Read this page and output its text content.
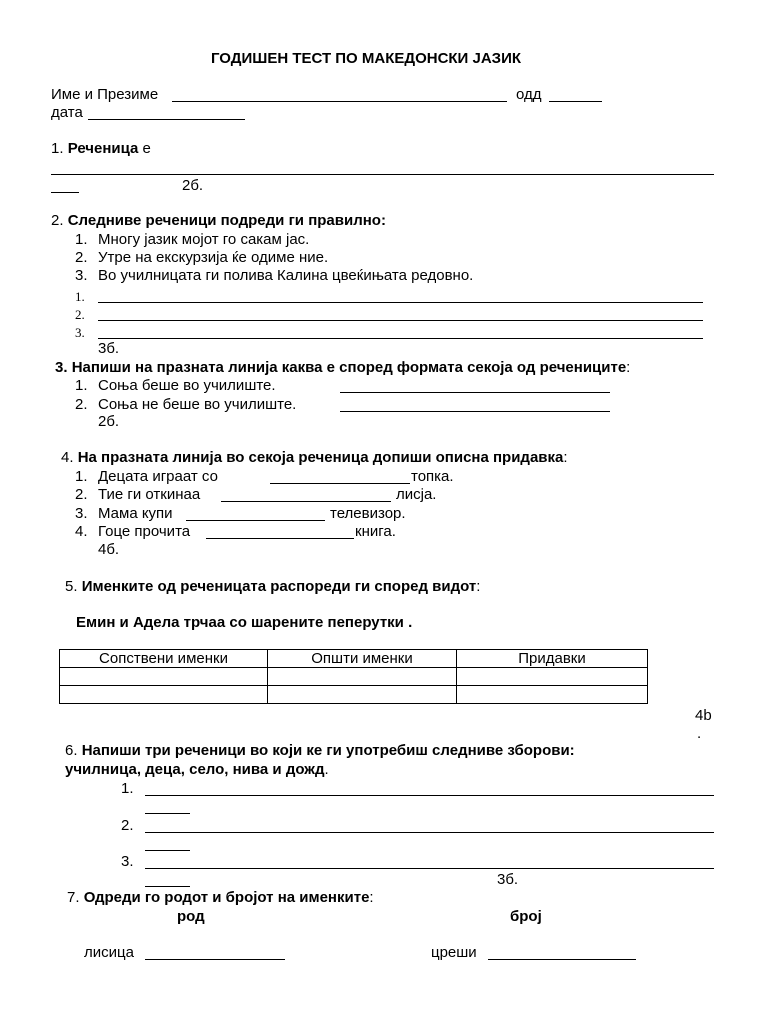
ГОДИШЕН ТЕСТ ПО МАКЕДОНСКИ ЈАЗИК
Име и Презиме	одд
дата
1. Реченица е
2б.
2. Следниве реченици подреди ги правилно:
1. Многу јазик мојот го сакам јас.
2. Утре на екскурзија ќе одиме ние.
3. Во училницата ги полива Калина цвеќињата редовно.
1.
2.
3.
3б.
3. Напиши на празната линија каква е според формата секоја од речениците:
1. Соња беше во училиште.
2. Соња не беше во училиште.
2б.
4. На празната линија во секоја реченица допиши описна придавка:
1. Децата играат со	топка.
2. Тие ги откинаа	лисја.
3. Мама купи	телевизор.
4. Гоце прочита	книга.
4б.
5. Именките од реченицата распореди ги според видот:
Емин и Адела трчаа со шарените пеперутки .
Сопствени именки	Општи именки	Придавки

4b
.
6. Напиши три реченици во који ке ги употребиш следниве зборови:
училница, деца, село, нива и дожд.
1.
2.
3.
3б.
7. Одреди го родот и бројот на именките:
род	број
лисица	цреши
